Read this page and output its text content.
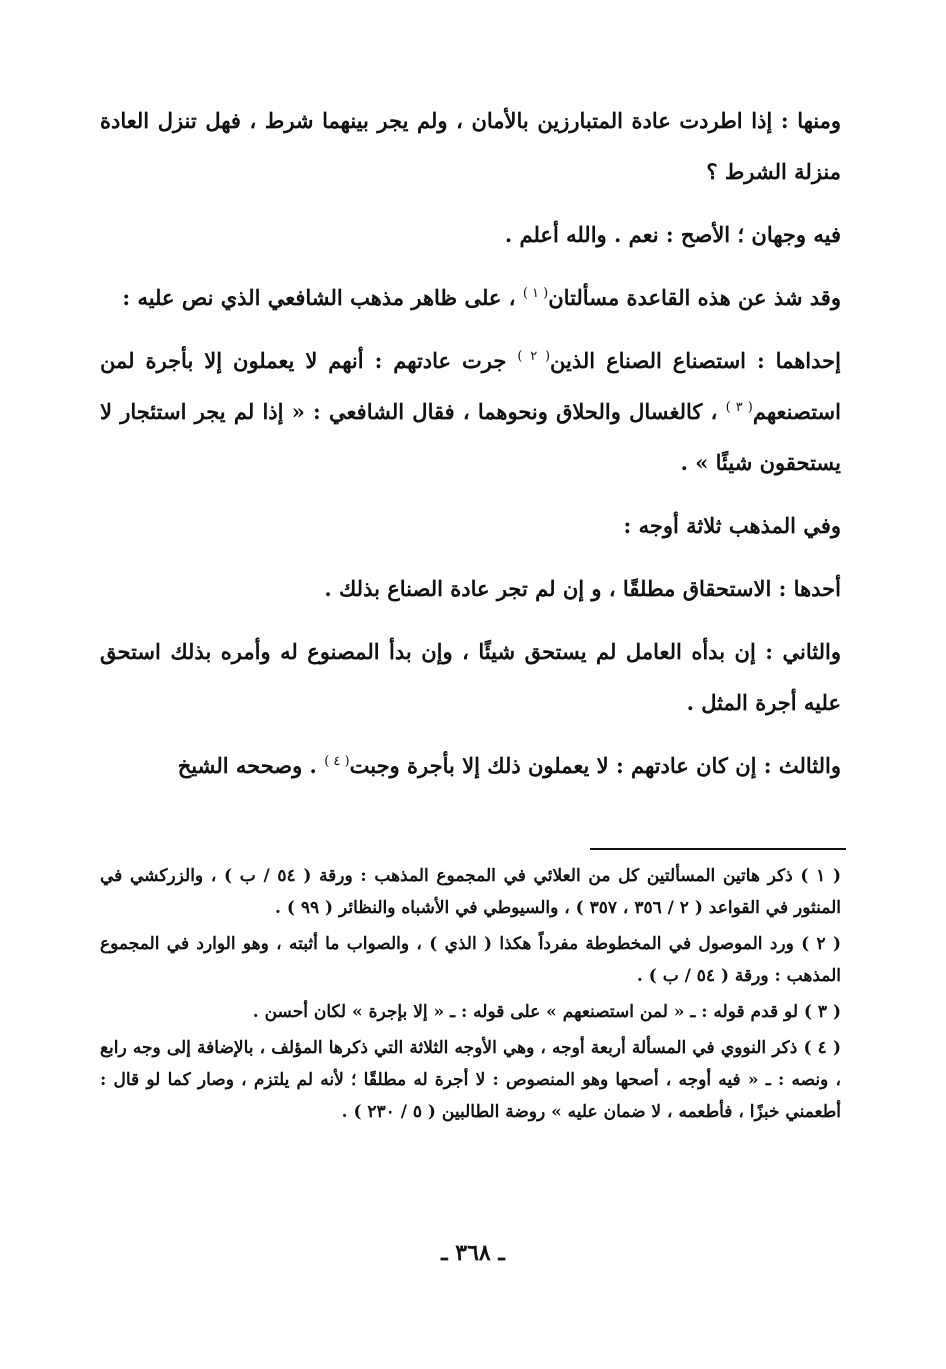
ومنها : إذا اطردت عادة المتبارزين بالأمان ، ولم يجر بينهما شرط ، فهل تنزل العادة منزلة الشرط ؟

فيه وجهان ؛ الأصح : نعم . والله أعلم .

وقد شذ عن هذه القاعدة مسألتان$^{( ١ )}$ ، على ظاهر مذهب الشافعي الذي نص عليه :

إحداهما : استصناع الصناع الذين$^{( ٢ )}$ جرت عادتهم : أنهم لا يعملون إلا بأجرة لمن استصنعهم$^{( ٣ )}$ ، كالغسال والحلاق ونحوهما ، فقال الشافعي : « إذا لم يجر استئجار لا يستحقون شيئًا » .

وفي المذهب ثلاثة أوجه :

أحدها : الاستحقاق مطلقًا ، و إن لم تجر عادة الصناع بذلك .

والثاني : إن بدأه العامل لم يستحق شيئًا ، وإن بدأ المصنوع له وأمره بذلك استحق عليه أجرة المثل .

والثالث : إن كان عادتهم : لا يعملون ذلك إلا بأجرة وجبت$^{( ٤ )}$ . وصححه الشيخ

( ١ ) ذكر هاتين المسألتين كل من العلائي في المجموع المذهب : ورقة ( ٥٤ / ب ) ، والزركشي في المنثور في القواعد ( ٢ / ٣٥٦ ، ٣٥٧ ) ، والسيوطي في الأشباه والنظائر ( ٩٩ ) .

( ٢ ) ورد الموصول في المخطوطة مفرداً هكذا ( الذي ) ، والصواب ما أثبته ، وهو الوارد في المجموع المذهب : ورقة ( ٥٤ / ب ) .

( ٣ ) لو قدم قوله : ـ « لمن استصنعهم » على قوله : ـ « إلا بإجرة » لكان أحسن .

( ٤ ) ذكر النووي في المسألة أربعة أوجه ، وهي الأوجه الثلاثة التي ذكرها المؤلف ، بالإضافة إلى وجه رابع ، ونصه : ـ « فيه أوجه ، أصحها وهو المنصوص : لا أجرة له مطلقًا ؛ لأنه لم يلتزم ، وصار كما لو قال : أطعمني خبزًا ، فأطعمه ، لا ضمان عليه » روضة الطالبين ( ٥ / ٢٣٠ ) .

ـ ٣٦٨ ـ
